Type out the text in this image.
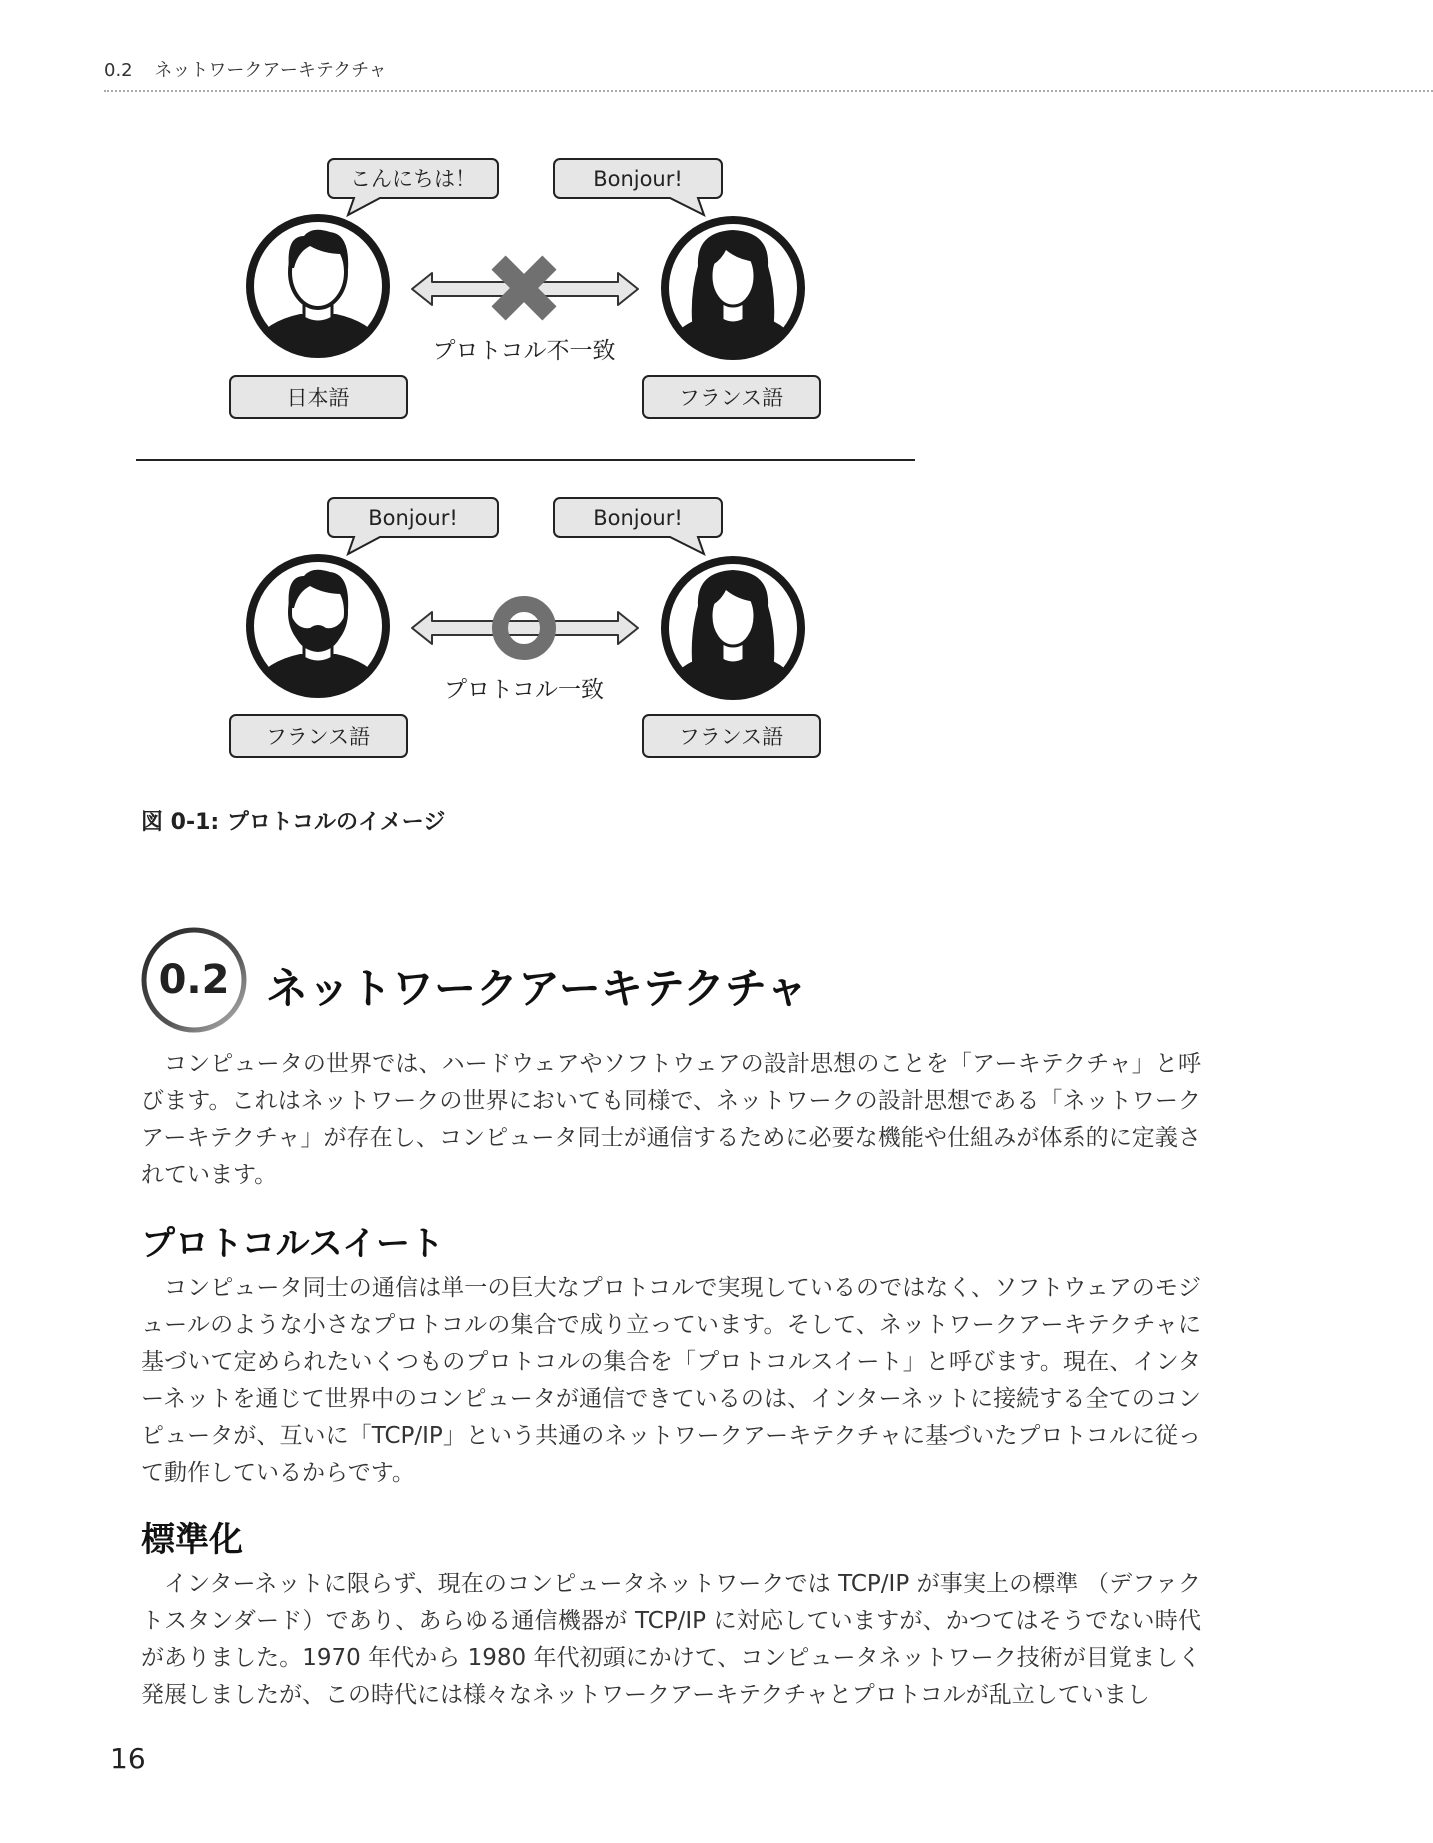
0.2 ネットワークアーキテクチャ
こんにちは！	Bonjour!
プロトコル不一致
日本語	フランス語
Bonjour!	Bonjour!
プロトコル一致
フランス語	フランス語
図 0-1: プロトコルのイメージ
0.2 ネットワークアーキテクチャ

コンピュータの世界では、ハードウェアやソフトウェアの設計思想のことを「アーキテクチャ」と呼びます。これはネットワークの世界においても同様で、ネットワークの設計思想である「ネットワークアーキテクチャ」が存在し、コンピュータ同士が通信するために必要な機能や仕組みが体系的に定義されています。

プロトコルスイート

コンピュータ同士の通信は単一の巨大なプロトコルで実現しているのではなく、ソフトウェアのモジュールのような小さなプロトコルの集合で成り立っています。そして、ネットワークアーキテクチャに基づいて定められたいくつものプロトコルの集合を「プロトコルスイート」と呼びます。現在、インターネットを通じて世界中のコンピュータが通信できているのは、インターネットに接続する全てのコンピュータが、互いに「TCP/IP」という共通のネットワークアーキテクチャに基づいたプロトコルに従って動作しているからです。

標準化

インターネットに限らず、現在のコンピュータネットワークでは TCP/IP が事実上の標準 （デファクトスタンダード）であり、あらゆる通信機器が TCP/IP に対応していますが、かつてはそうでない時代がありました。1970 年代から 1980 年代初頭にかけて、コンピュータネットワーク技術が目覚ましく発展しましたが、この時代には様々なネットワークアーキテクチャとプロトコルが乱立していまし

16
